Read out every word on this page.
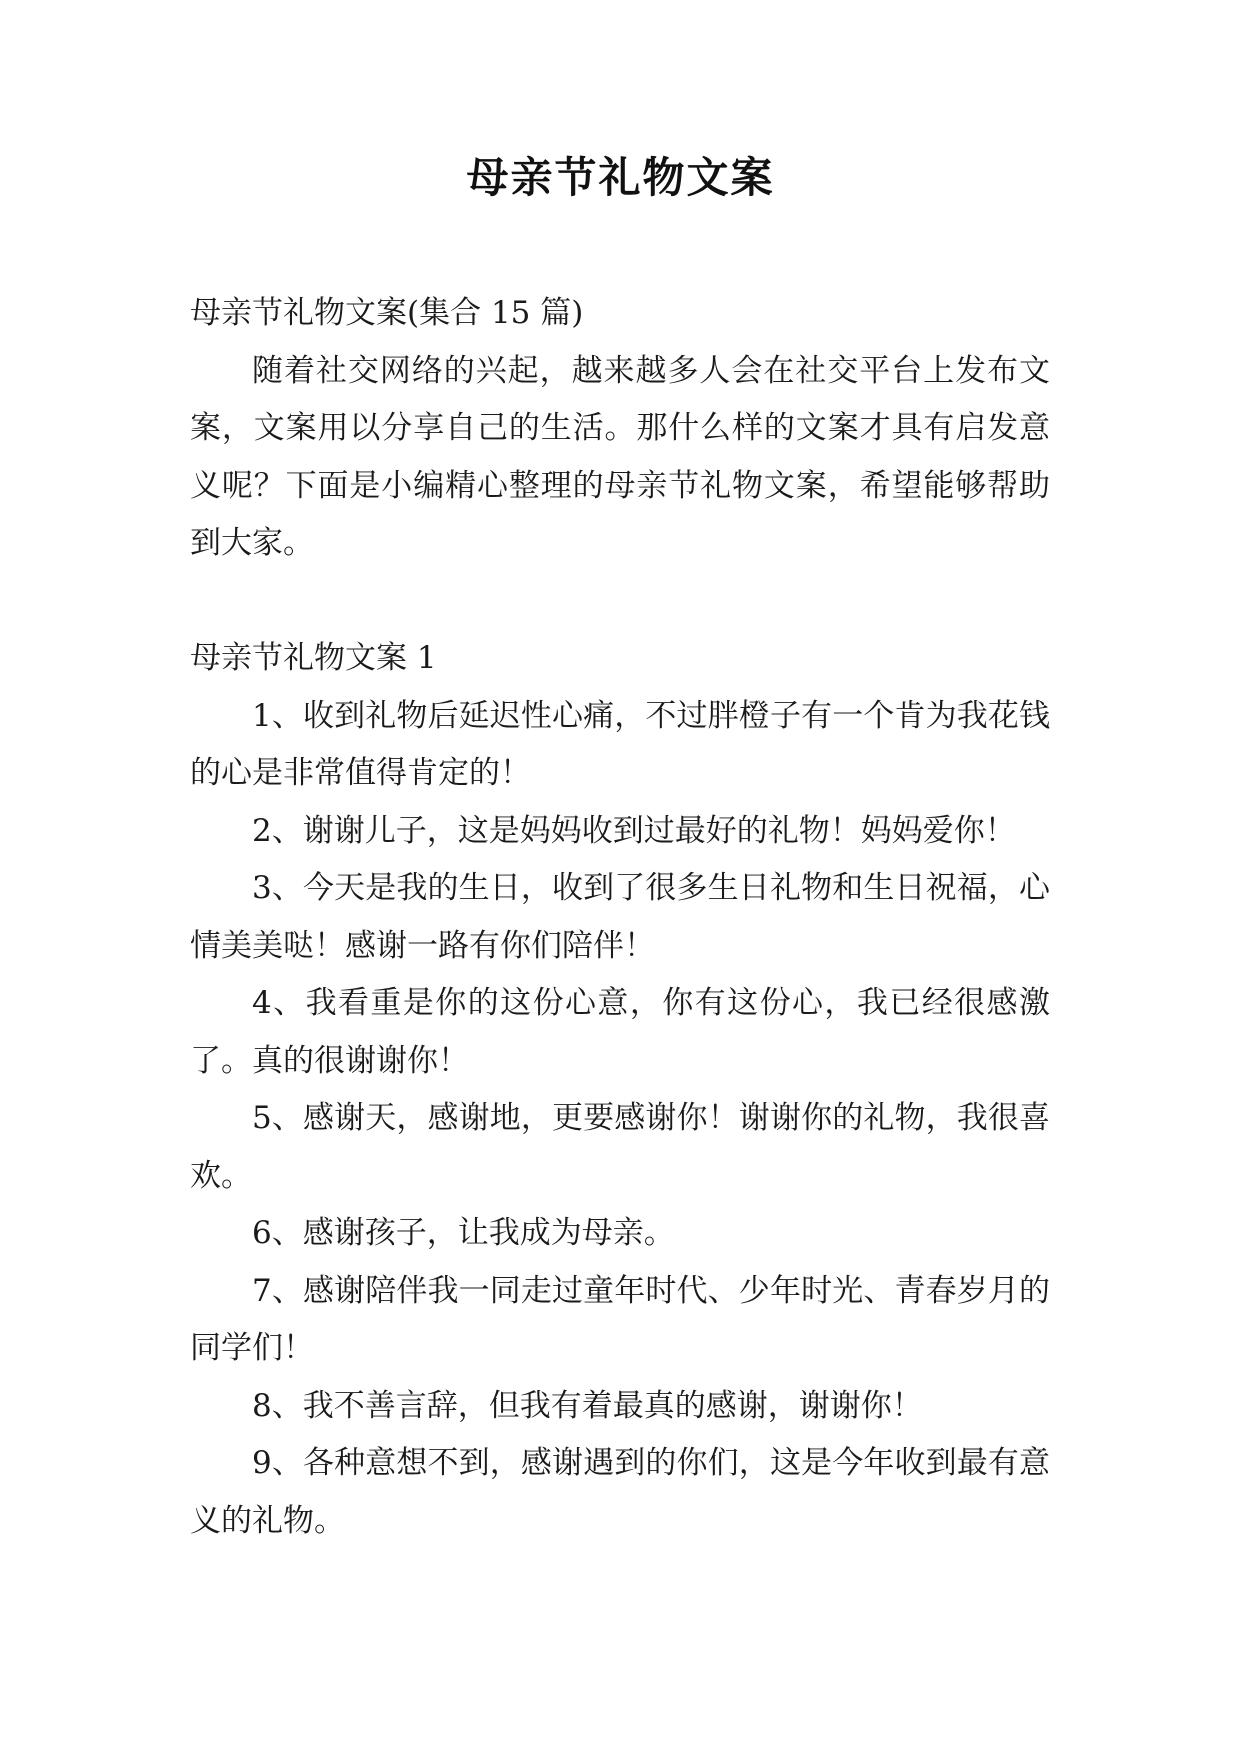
母亲节礼物文案

母亲节礼物文案(集合 15 篇)

随着社交网络的兴起，越来越多人会在社交平台上发布文案，文案用以分享自己的生活。那什么样的文案才具有启发意义呢？下面是小编精心整理的母亲节礼物文案，希望能够帮助到大家。

母亲节礼物文案 1

1、收到礼物后延迟性心痛，不过胖橙子有一个肯为我花钱的心是非常值得肯定的！

2、谢谢儿子，这是妈妈收到过最好的礼物！妈妈爱你！

3、今天是我的生日，收到了很多生日礼物和生日祝福，心情美美哒！感谢一路有你们陪伴！

4、我看重是你的这份心意，你有这份心，我已经很感激了。真的很谢谢你！

5、感谢天，感谢地，更要感谢你！谢谢你的礼物，我很喜欢。

6、感谢孩子，让我成为母亲。

7、感谢陪伴我一同走过童年时代、少年时光、青春岁月的同学们！

8、我不善言辞，但我有着最真的感谢，谢谢你！

9、各种意想不到，感谢遇到的你们，这是今年收到最有意义的礼物。
